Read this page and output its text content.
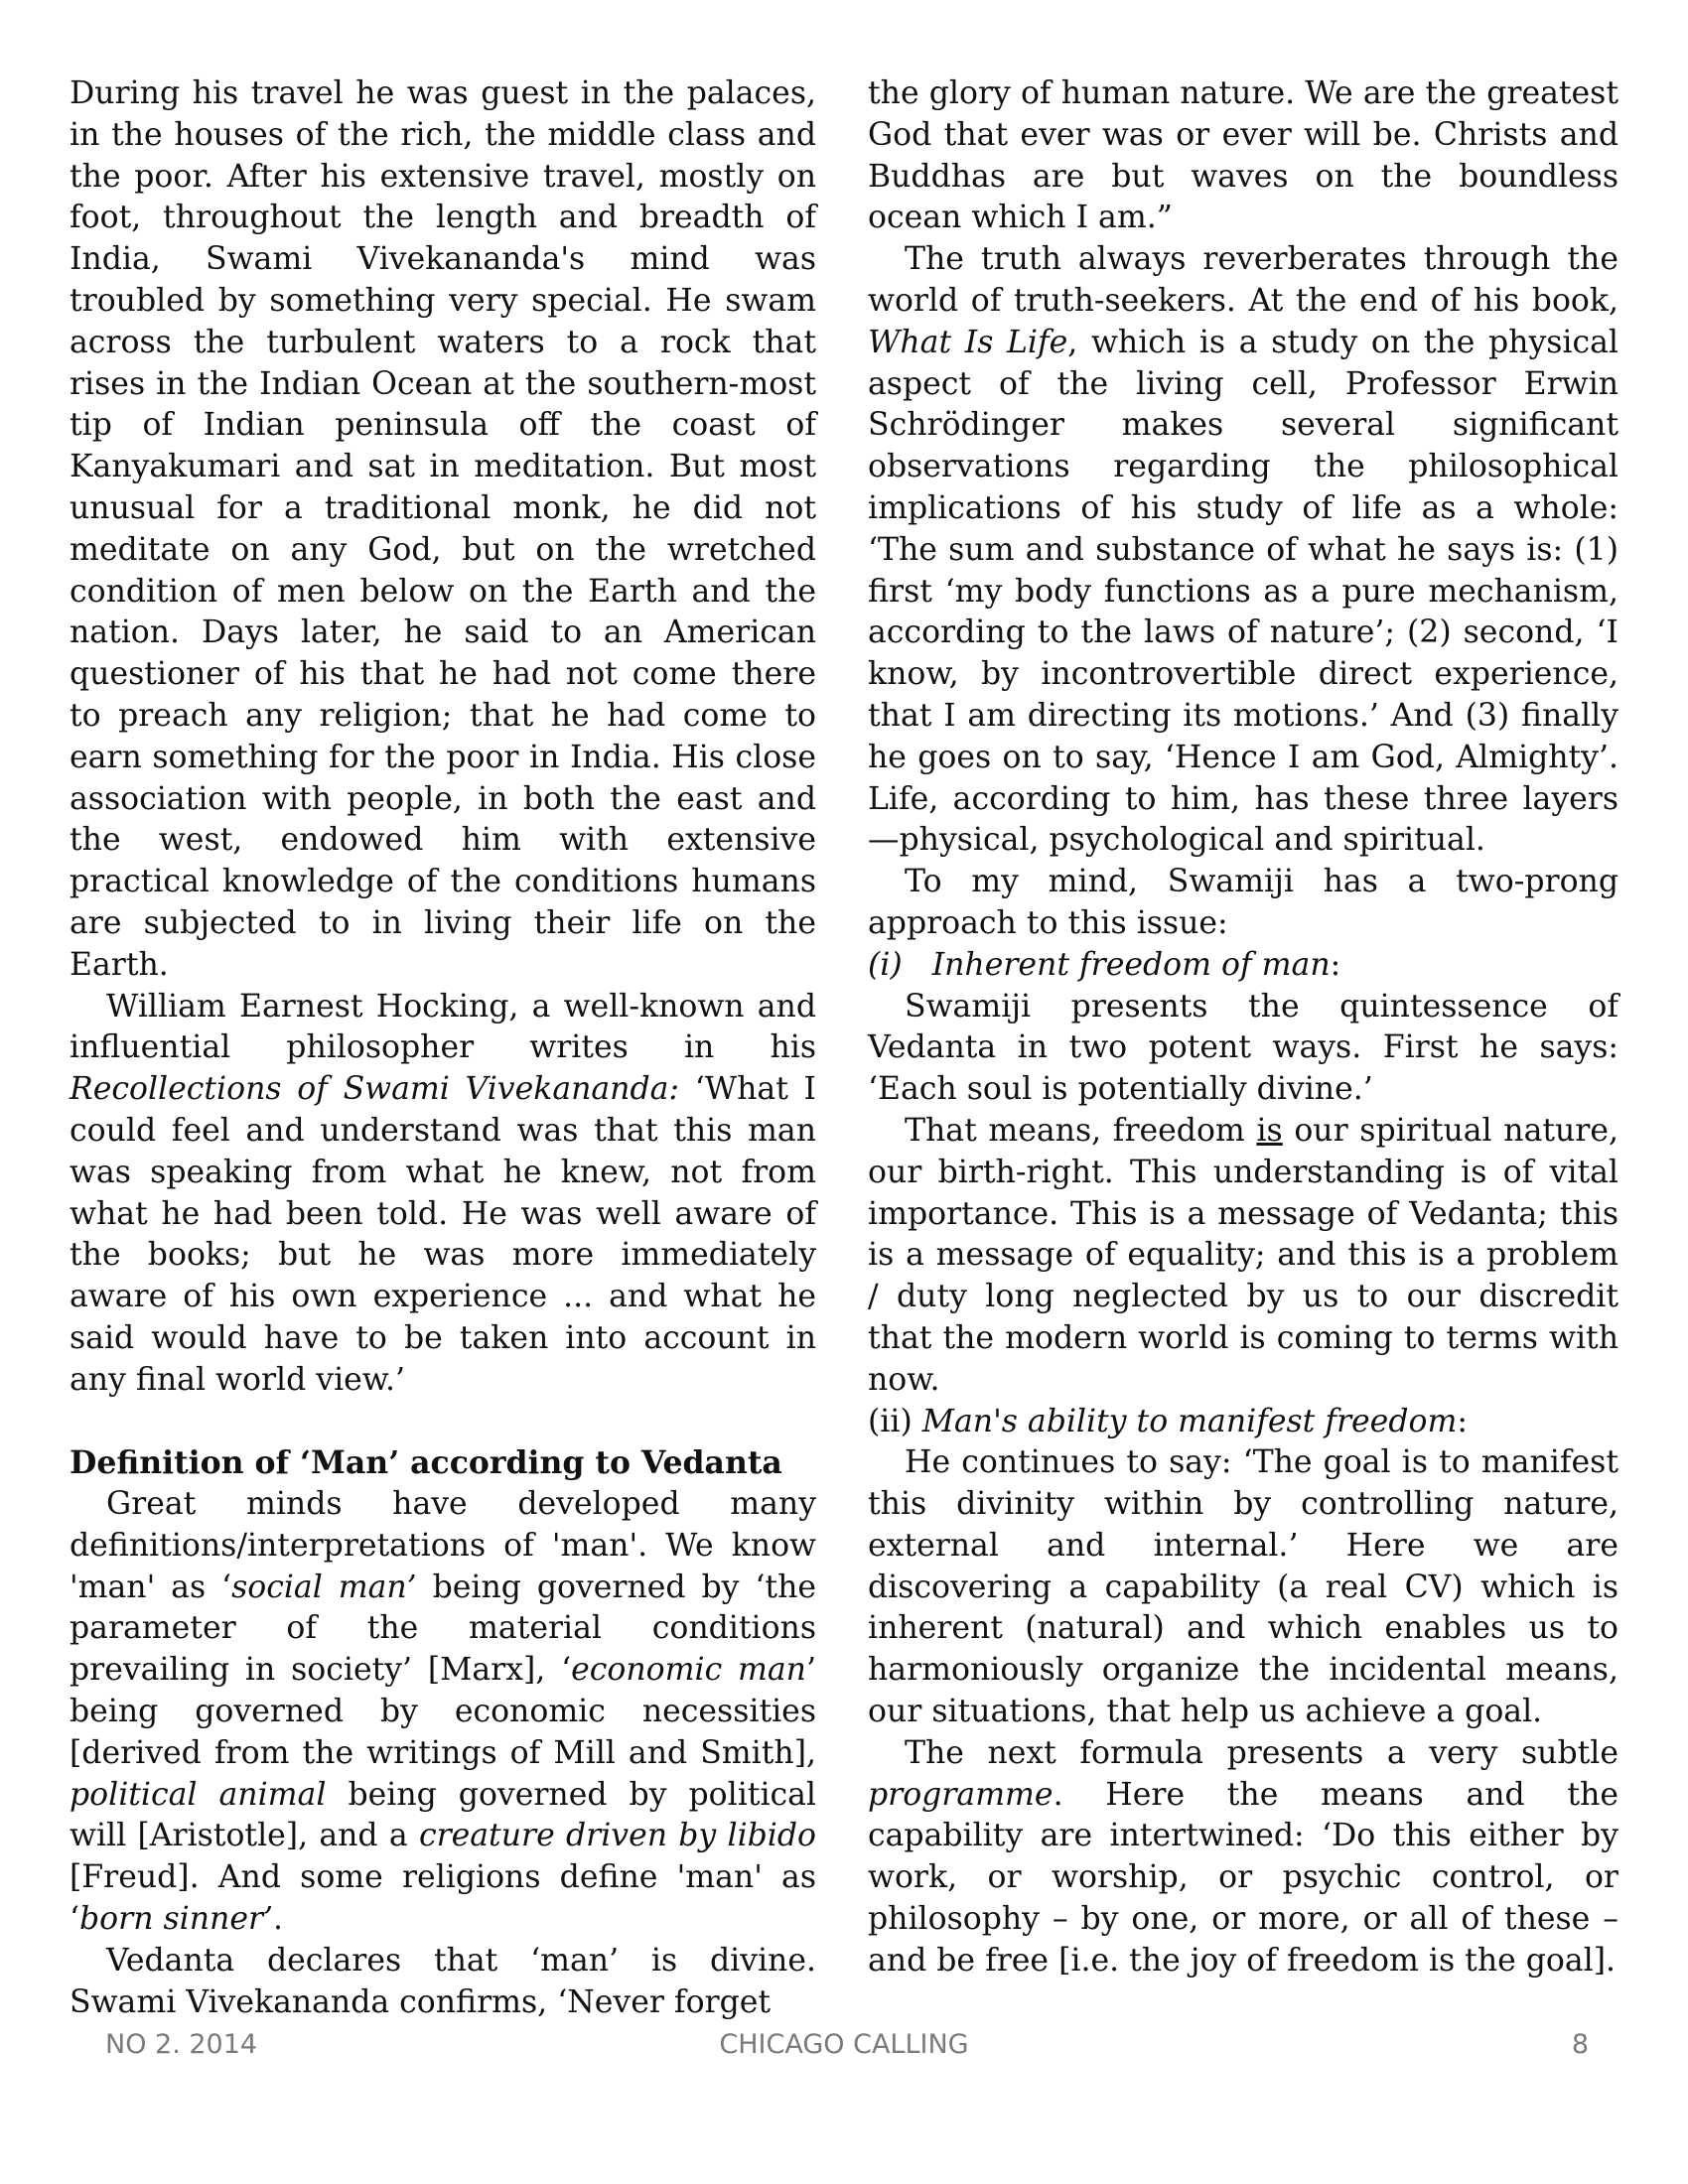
During his travel he was guest in the palaces, in the houses of the rich, the middle class and the poor. After his extensive travel, mostly on foot, throughout the length and breadth of India, Swami Vivekananda's mind was troubled by something very special. He swam across the turbulent waters to a rock that rises in the Indian Ocean at the southern-most tip of Indian peninsula off the coast of Kanyakumari and sat in meditation. But most unusual for a traditional monk, he did not meditate on any God, but on the wretched condition of men below on the Earth and the nation. Days later, he said to an American questioner of his that he had not come there to preach any religion; that he had come to earn something for the poor in India. His close association with people, in both the east and the west, endowed him with extensive practical knowledge of the conditions humans are subjected to in living their life on the Earth.

William Earnest Hocking, a well-known and influential philosopher writes in his Recollections of Swami Vivekananda: ‘What I could feel and understand was that this man was speaking from what he knew, not from what he had been told. He was well aware of the books; but he was more immediately aware of his own experience ... and what he said would have to be taken into account in any final world view.’

Definition of ‘Man’ according to Vedanta

Great minds have developed many definitions/interpretations of 'man'. We know 'man' as ‘social man’ being governed by ‘the parameter of the material conditions prevailing in society’ [Marx], ‘economic man’ being governed by economic necessities [derived from the writings of Mill and Smith], political animal being governed by political will [Aristotle], and a creature driven by libido [Freud]. And some religions define 'man' as ‘born sinner’.

Vedanta declares that ‘man’ is divine. Swami Vivekananda confirms, ‘Never forget

the glory of human nature. We are the greatest God that ever was or ever will be. Christs and Buddhas are but waves on the boundless ocean which I am.”

The truth always reverberates through the world of truth-seekers. At the end of his book, What Is Life, which is a study on the physical aspect of the living cell, Professor Erwin Schrödinger makes several significant observations regarding the philosophical implications of his study of life as a whole: ‘The sum and substance of what he says is: (1) first ‘my body functions as a pure mechanism, according to the laws of nature’; (2) second, ‘I know, by incontrovertible direct experience, that I am directing its motions.’ And (3) finally he goes on to say, ‘Hence I am God, Almighty’. Life, according to him, has these three layers—physical, psychological and spiritual.

To my mind, Swamiji has a two-prong approach to this issue:

(i) Inherent freedom of man:

Swamiji presents the quintessence of Vedanta in two potent ways. First he says: ‘Each soul is potentially divine.’

That means, freedom is our spiritual nature, our birth-right. This understanding is of vital importance. This is a message of Vedanta; this is a message of equality; and this is a problem / duty long neglected by us to our discredit that the modern world is coming to terms with now.

(ii) Man's ability to manifest freedom:

He continues to say: ‘The goal is to manifest this divinity within by controlling nature, external and internal.’ Here we are discovering a capability (a real CV) which is inherent (natural) and which enables us to harmoniously organize the incidental means, our situations, that help us achieve a goal.

The next formula presents a very subtle programme. Here the means and the capability are intertwined: ‘Do this either by work, or worship, or psychic control, or philosophy – by one, or more, or all of these – and be free [i.e. the joy of freedom is the goal].

NO 2. 2014	CHICAGO CALLING	8
